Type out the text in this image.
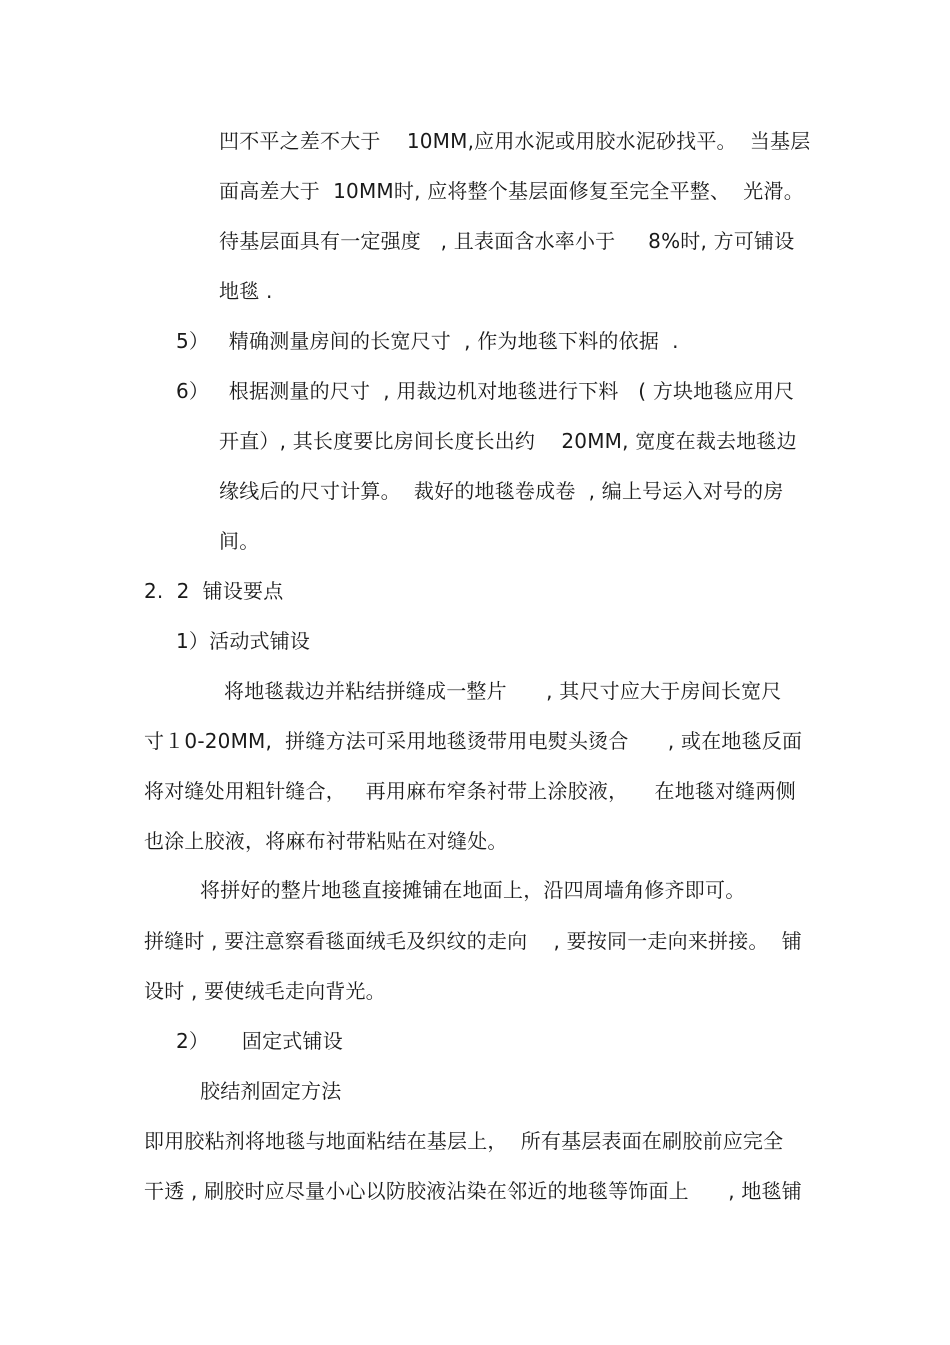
凹不平之差不大于    10MM,应用水泥或用胶水泥砂找平。  当基层
面高差大于  10MM时, 应将整个基层面修复至完全平整、  光滑。
待基层面具有一定强度   , 且表面含水率小于     8%时, 方可铺设
地毯 .
5）   精确测量房间的长宽尺寸  , 作为地毯下料的依据  .
6）   根据测量的尺寸  , 用裁边机对地毯进行下料   ( 方块地毯应用尺
开直）, 其长度要比房间长度长出约    20MM, 宽度在裁去地毯边
缘线后的尺寸计算。  裁好的地毯卷成卷  , 编上号运入对号的房
间。
2.  2  铺设要点
1）活动式铺设
将地毯裁边并粘结拼缝成一整片      , 其尺寸应大于房间长宽尺
寸１0-20MM,  拼缝方法可采用地毯烫带用电熨头烫合      , 或在地毯反面
将对缝处用粗针缝合，   再用麻布窄条衬带上涂胶液，    在地毯对缝两侧
也涂上胶液，将麻布衬带粘贴在对缝处。
将拼好的整片地毯直接摊铺在地面上，沿四周墙角修齐即可。
拼缝时 , 要注意察看毯面绒毛及织纹的走向    , 要按同一走向来拼接。  铺
设时 , 要使绒毛走向背光。
2）     固定式铺设
胶结剂固定方法
即用胶粘剂将地毯与地面粘结在基层上，  所有基层表面在刷胶前应完全
干透 , 刷胶时应尽量小心以防胶液沾染在邻近的地毯等饰面上      , 地毯铺
